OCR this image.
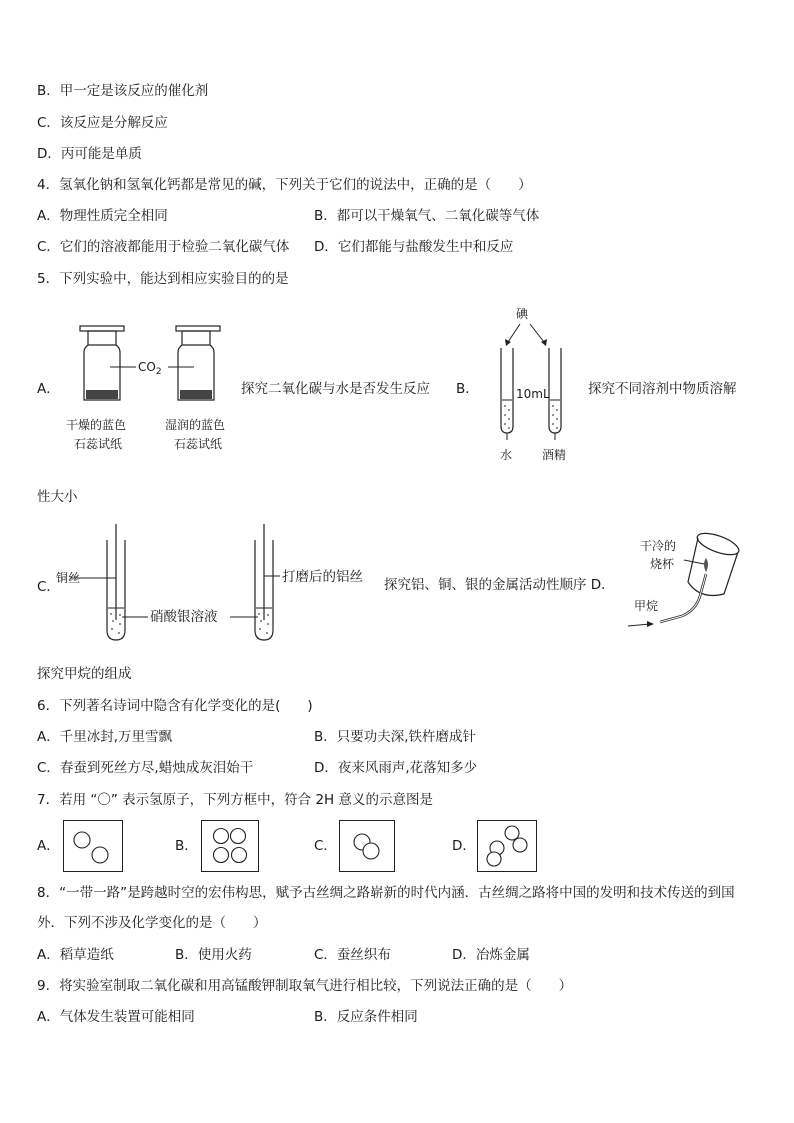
B．甲一定是该反应的催化剂
C．该反应是分解反应
D．丙可能是单质
4．氢氧化钠和氢氧化钙都是常见的碱，下列关于它们的说法中，正确的是（　　）
A．物理性质完全相同	B．都可以干燥氧气、二氧化碳等气体
C．它们的溶液都能用于检验二氧化碳气体 D．它们都能与盐酸发生中和反应
5．下列实验中，能达到相应实验目的的是
A．
$CO_2$
干燥的蓝色
石蕊试纸
湿润的蓝色
石蕊试纸
探究二氧化碳与水是否发生反应 B．
碘
10mL
水 酒精
探究不同溶剂中物质溶解
性大小
C．
铜丝	打磨后的铝丝
硝酸银溶液
探究铝、铜、银的金属活动性顺序 D．
干冷的
烧杯
甲烷
探究甲烷的组成
6．下列著名诗词中隐含有化学变化的是(　　)
A．千里冰封,万里雪飘	B．只要功夫深,铁杵磨成针
C．春蚕到死丝方尽,蜡烛成灰泪始干	D．夜来风雨声,花落知多少
7．若用 “〇” 表示氢原子，下列方框中，符合 2H 意义的示意图是
A．	B．	C．	D．
8．“一带一路”是跨越时空的宏伟构思，赋予古丝绸之路崭新的时代内涵．古丝绸之路将中国的发明和技术传送的到国
外．下列不涉及化学变化的是（　　）
A．稻草造纸	B．使用火药	C．蚕丝织布	D．冶炼金属
9．将实验室制取二氧化碳和用高锰酸钾制取氧气进行相比较，下列说法正确的是（　　）
A．气体发生装置可能相同	B．反应条件相同
